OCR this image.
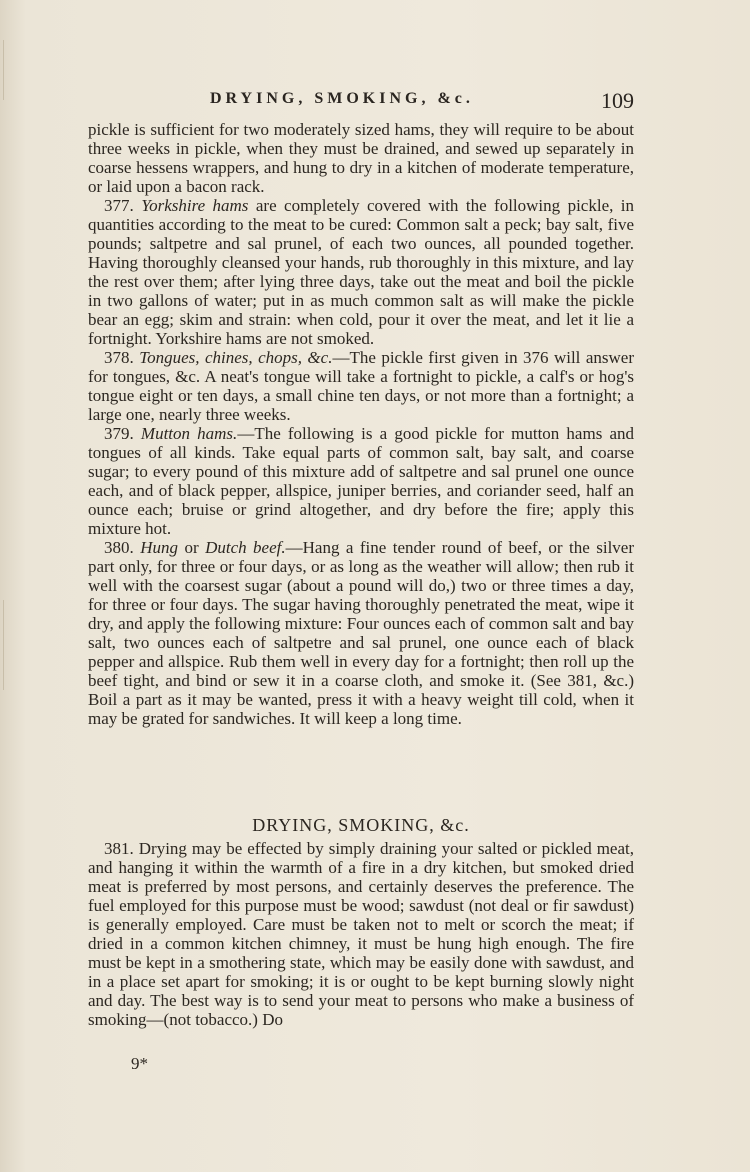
DRYING, SMOKING, &c.	109

pickle is sufficient for two moderately sized hams, they will require to be about three weeks in pickle, when they must be drained, and sewed up separately in coarse hessens wrappers, and hung to dry in a kitchen of moderate temperature, or laid upon a bacon rack.

377. Yorkshire hams are completely covered with the following pickle, in quantities according to the meat to be cured: Common salt a peck; bay salt, five pounds; saltpetre and sal prunel, of each two ounces, all pounded together. Having thoroughly cleansed your hands, rub thoroughly in this mixture, and lay the rest over them; after lying three days, take out the meat and boil the pickle in two gallons of water; put in as much common salt as will make the pickle bear an egg; skim and strain: when cold, pour it over the meat, and let it lie a fortnight. Yorkshire hams are not smoked.

378. Tongues, chines, chops, &c.—The pickle first given in 376 will answer for tongues, &c. A neat's tongue will take a fortnight to pickle, a calf's or hog's tongue eight or ten days, a small chine ten days, or not more than a fortnight; a large one, nearly three weeks.

379. Mutton hams.—The following is a good pickle for mutton hams and tongues of all kinds. Take equal parts of common salt, bay salt, and coarse sugar; to every pound of this mixture add of saltpetre and sal prunel one ounce each, and of black pepper, allspice, juniper berries, and coriander seed, half an ounce each; bruise or grind altogether, and dry before the fire; apply this mixture hot.

380. Hung or Dutch beef.—Hang a fine tender round of beef, or the silver part only, for three or four days, or as long as the weather will allow; then rub it well with the coarsest sugar (about a pound will do,) two or three times a day, for three or four days. The sugar having thoroughly penetrated the meat, wipe it dry, and apply the following mixture: Four ounces each of common salt and bay salt, two ounces each of saltpetre and sal prunel, one ounce each of black pepper and allspice. Rub them well in every day for a fortnight; then roll up the beef tight, and bind or sew it in a coarse cloth, and smoke it. (See 381, &c.) Boil a part as it may be wanted, press it with a heavy weight till cold, when it may be grated for sandwiches. It will keep a long time.

DRYING, SMOKING, &c.

381. Drying may be effected by simply draining your salted or pickled meat, and hanging it within the warmth of a fire in a dry kitchen, but smoked dried meat is preferred by most persons, and certainly deserves the preference. The fuel employed for this purpose must be wood; sawdust (not deal or fir sawdust) is generally employed. Care must be taken not to melt or scorch the meat; if dried in a common kitchen chimney, it must be hung high enough. The fire must be kept in a smothering state, which may be easily done with sawdust, and in a place set apart for smoking; it is or ought to be kept burning slowly night and day. The best way is to send your meat to persons who make a business of smoking—(not tobacco.) Do

9*
